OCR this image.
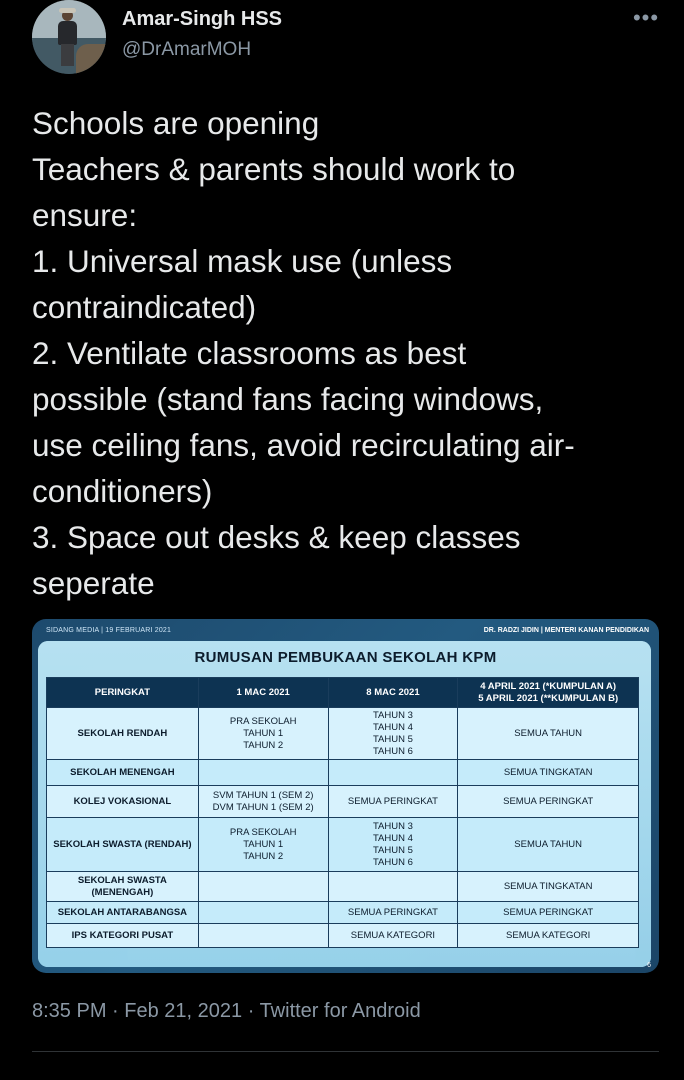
Amar-Singh HSS
@DrAmarMOH
•••
Schools are opening
Teachers & parents should work to
ensure:
1. Universal mask use (unless
contraindicated)
2. Ventilate classrooms as best
possible (stand fans facing windows,
use ceiling fans, avoid recirculating air-
conditioners)
3. Space out desks & keep classes
seperate
SIDANG MEDIA | 19 FEBRUARI 2021	DR. RADZI JIDIN | MENTERI KANAN PENDIDIKAN
RUMUSAN PEMBUKAAN SEKOLAH KPM
PERINGKAT	1 MAC 2021	8 MAC 2021	4 APRIL 2021 (*KUMPULAN A)
5 APRIL 2021 (**KUMPULAN B)

SEKOLAH RENDAH	PRA SEKOLAH
TAHUN 1
TAHUN 2	TAHUN 3
TAHUN 4
TAHUN 5
TAHUN 6	SEMUA TAHUN

SEKOLAH MENENGAH			SEMUA TINGKATAN

KOLEJ VOKASIONAL	SVM TAHUN 1 (SEM 2)
DVM TAHUN 1 (SEM 2)	SEMUA PERINGKAT	SEMUA PERINGKAT

SEKOLAH SWASTA (RENDAH)	PRA SEKOLAH
TAHUN 1
TAHUN 2	TAHUN 3
TAHUN 4
TAHUN 5
TAHUN 6	SEMUA TAHUN

SEKOLAH SWASTA (MENENGAH)			SEMUA TINGKATAN

SEKOLAH ANTARABANGSA		SEMUA PERINGKAT	SEMUA PERINGKAT

IPS KATEGORI PUSAT		SEMUA KATEGORI	SEMUA KATEGORI
6
8:35 PM · Feb 21, 2021 · Twitter for Android
